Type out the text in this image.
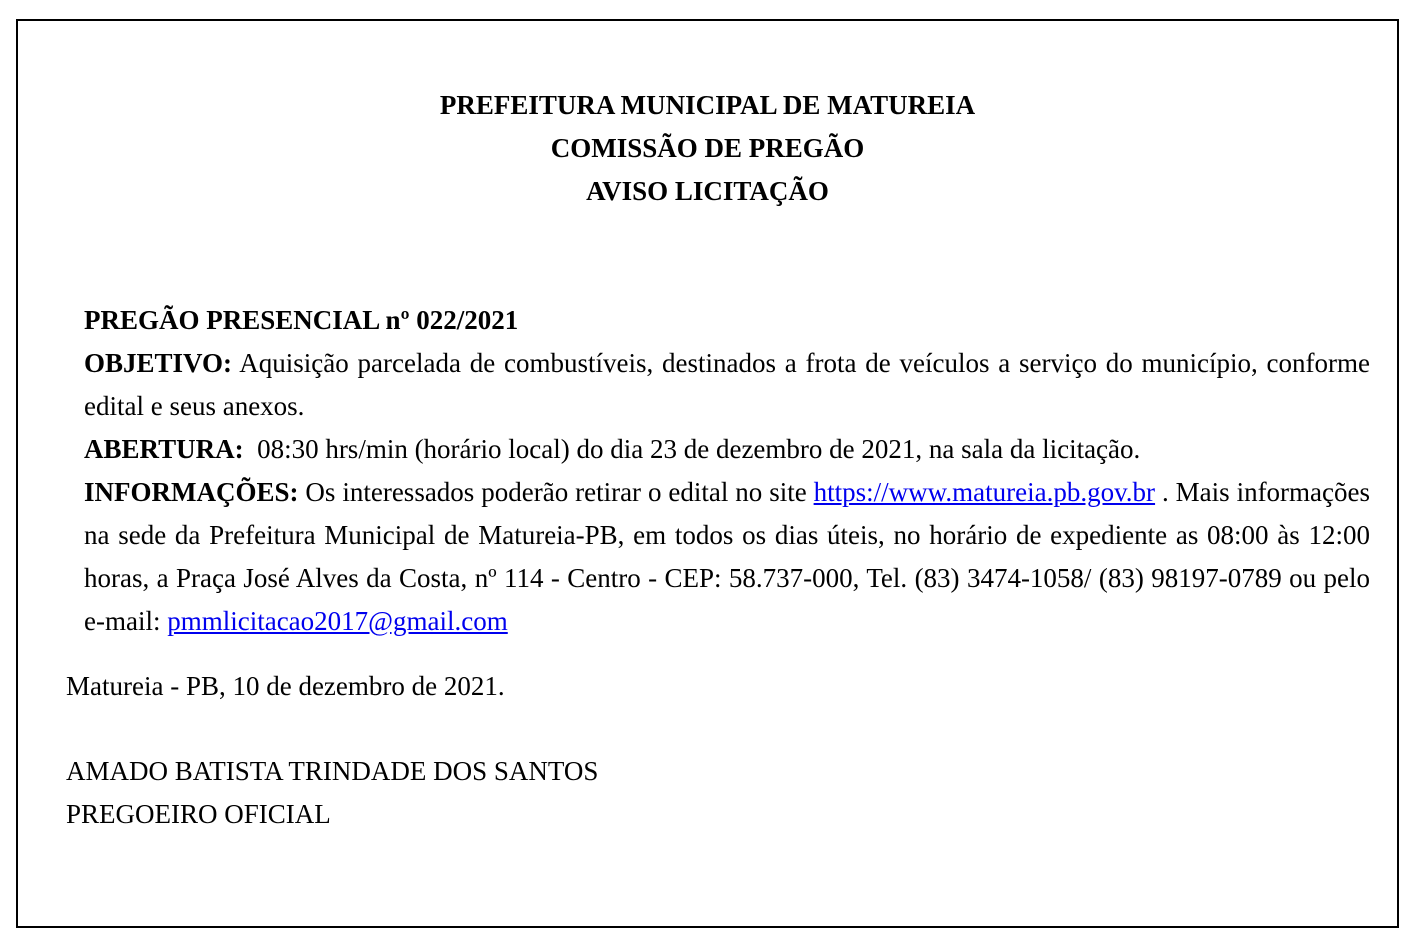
PREFEITURA MUNICIPAL DE MATUREIA
COMISSÃO DE PREGÃO
AVISO LICITAÇÃO

PREGÃO PRESENCIAL nº 022/2021

OBJETIVO: Aquisição parcelada de combustíveis, destinados a frota de veículos a serviço do município, conforme edital e seus anexos.

ABERTURA: 08:30 hrs/min (horário local) do dia 23 de dezembro de 2021, na sala da licitação.

INFORMAÇÕES: Os interessados poderão retirar o edital no site https://www.matureia.pb.gov.br . Mais informações na sede da Prefeitura Municipal de Matureia-PB, em todos os dias úteis, no horário de expediente as 08:00 às 12:00 horas, a Praça José Alves da Costa, nº 114 - Centro - CEP: 58.737-000, Tel. (83) 3474-1058/ (83) 98197-0789 ou pelo e-mail: pmmlicitacao2017@gmail.com

Matureia - PB, 10 de dezembro de 2021.
AMADO BATISTA TRINDADE DOS SANTOS
PREGOEIRO OFICIAL
